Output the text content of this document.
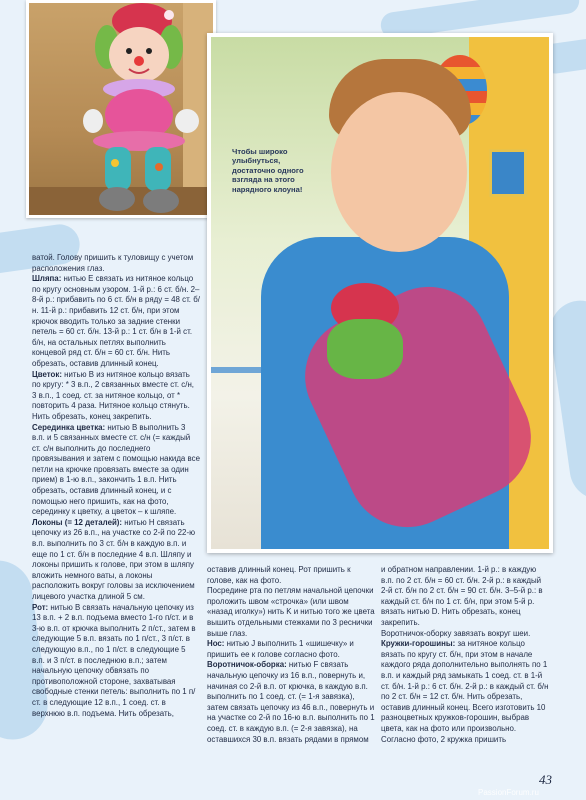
Чтобы широко улыбнуться, достаточно одного взгляда на этого нарядного клоуна!

ватой. Голову пришить к туловищу с учетом расположения глаз.

Шляпа: нитью E связать из нитяное кольцо по кругу основным узором. 1-й р.: 6 ст. б/н. 2–8-й р.: прибавить по 6 ст. б/н в ряду = 48 ст. б/н. 11-й р.: прибавить 12 ст. б/н, при этом крючок вводить только за задние стенки петель = 60 ст. б/н. 13-й р.: 1 ст. б/н в 1-й ст. б/н, на остальных петлях выполнить концевой ряд ст. б/н = 60 ст. б/н. Нить обрезать, оставив длинный конец.

Цветок: нитью B из нитяное кольцо вязать по кругу: * 3 в.п., 2 связанных вместе ст. с/н, 3 в.п., 1 соед. ст. за нитяное кольцо, от * повторить 4 раза. Нитяное кольцо стянуть. Нить обрезать, конец закрепить.

Серединка цветка: нитью B выполнить 3 в.п. и 5 связанных вместе ст. с/н (= каждый ст. с/н выполнить до последнего провязывания и затем с помощью накида все петли на крючке провязать вместе за один прием) в 1-ю в.п., закончить 1 в.п. Нить обрезать, оставив длинный конец, и с помощью него пришить, как на фото, серединку к цветку, а цветок – к шляпе.

Локоны (= 12 деталей): нитью H связать цепочку из 26 в.п., на участке со 2-й по 22-ю в.п. выполнить по 3 ст. б/н в каждую в.п. и еще по 1 ст. б/н в последние 4 в.п. Шляпу и локоны пришить к голове, при этом в шляпу вложить немного ваты, а локоны расположить вокруг головы за исключением лицевого участка длиной 5 см.

Рот: нитью B связать начальную цепочку из 13 в.п. + 2 в.п. подъема вместо 1-го п/ст. и в 3-ю в.п. от крючка выполнить 2 п/ст., затем в следующие 5 в.п. вязать по 1 п/ст., 3 п/ст. в следующую в.п., по 1 п/ст. в следующие 5 в.п. и 3 п/ст. в последнюю в.п.; затем начальную цепочку обвязать по противоположной стороне, захватывая свободные стенки петель: выполнить по 1 п/ст. в следующие 12 в.п., 1 соед. ст. в верхнюю в.п. подъема. Нить обрезать,

оставив длинный конец. Рот пришить к голове, как на фото.

Посредине рта по петлям начальной цепочки проложить швом «строчка» (или швом «назад иголку») нить K и нитью того же цвета вышить отдельными стежками по 3 реснички выше глаз.

Нос: нитью J выполнить 1 «шишечку» и пришить ее к голове согласно фото.

Воротничок-оборка: нитью F связать начальную цепочку из 16 в.п., повернуть и, начиная со 2-й в.п. от крючка, в каждую в.п. выполнить по 1 соед. ст. (= 1-я завязка), затем связать цепочку из 46 в.п., повернуть и на участке со 2-й по 16-ю в.п. выполнить по 1 соед. ст. в каждую в.п. (= 2-я завязка), на оставшихся 30 в.п. вязать рядами в прямом

и обратном направлении. 1-й р.: в каждую в.п. по 2 ст. б/н = 60 ст. б/н. 2-й р.: в каждый 2-й ст. б/н по 2 ст. б/н = 90 ст. б/н. 3–5-й р.: в каждый ст. б/н по 1 ст. б/н, при этом 5-й р. вязать нитью D. Нить обрезать, конец закрепить.

Воротничок-оборку завязать вокруг шеи.

Кружки-горошины: за нитяное кольцо вязать по кругу ст. б/н, при этом в начале каждого ряда дополнительно выполнять по 1 в.п. и каждый ряд замыкать 1 соед. ст. в 1-й ст. б/н. 1-й р.: 6 ст. б/н. 2-й р.: в каждый ст. б/н по 2 ст. б/н = 12 ст. б/н. Нить обрезать, оставив длинный конец. Всего изготовить 10 разноцветных кружков-горошин, выбрав цвета, как на фото или произвольно. Согласно фото, 2 кружка пришить

43
PassionForum.ru
